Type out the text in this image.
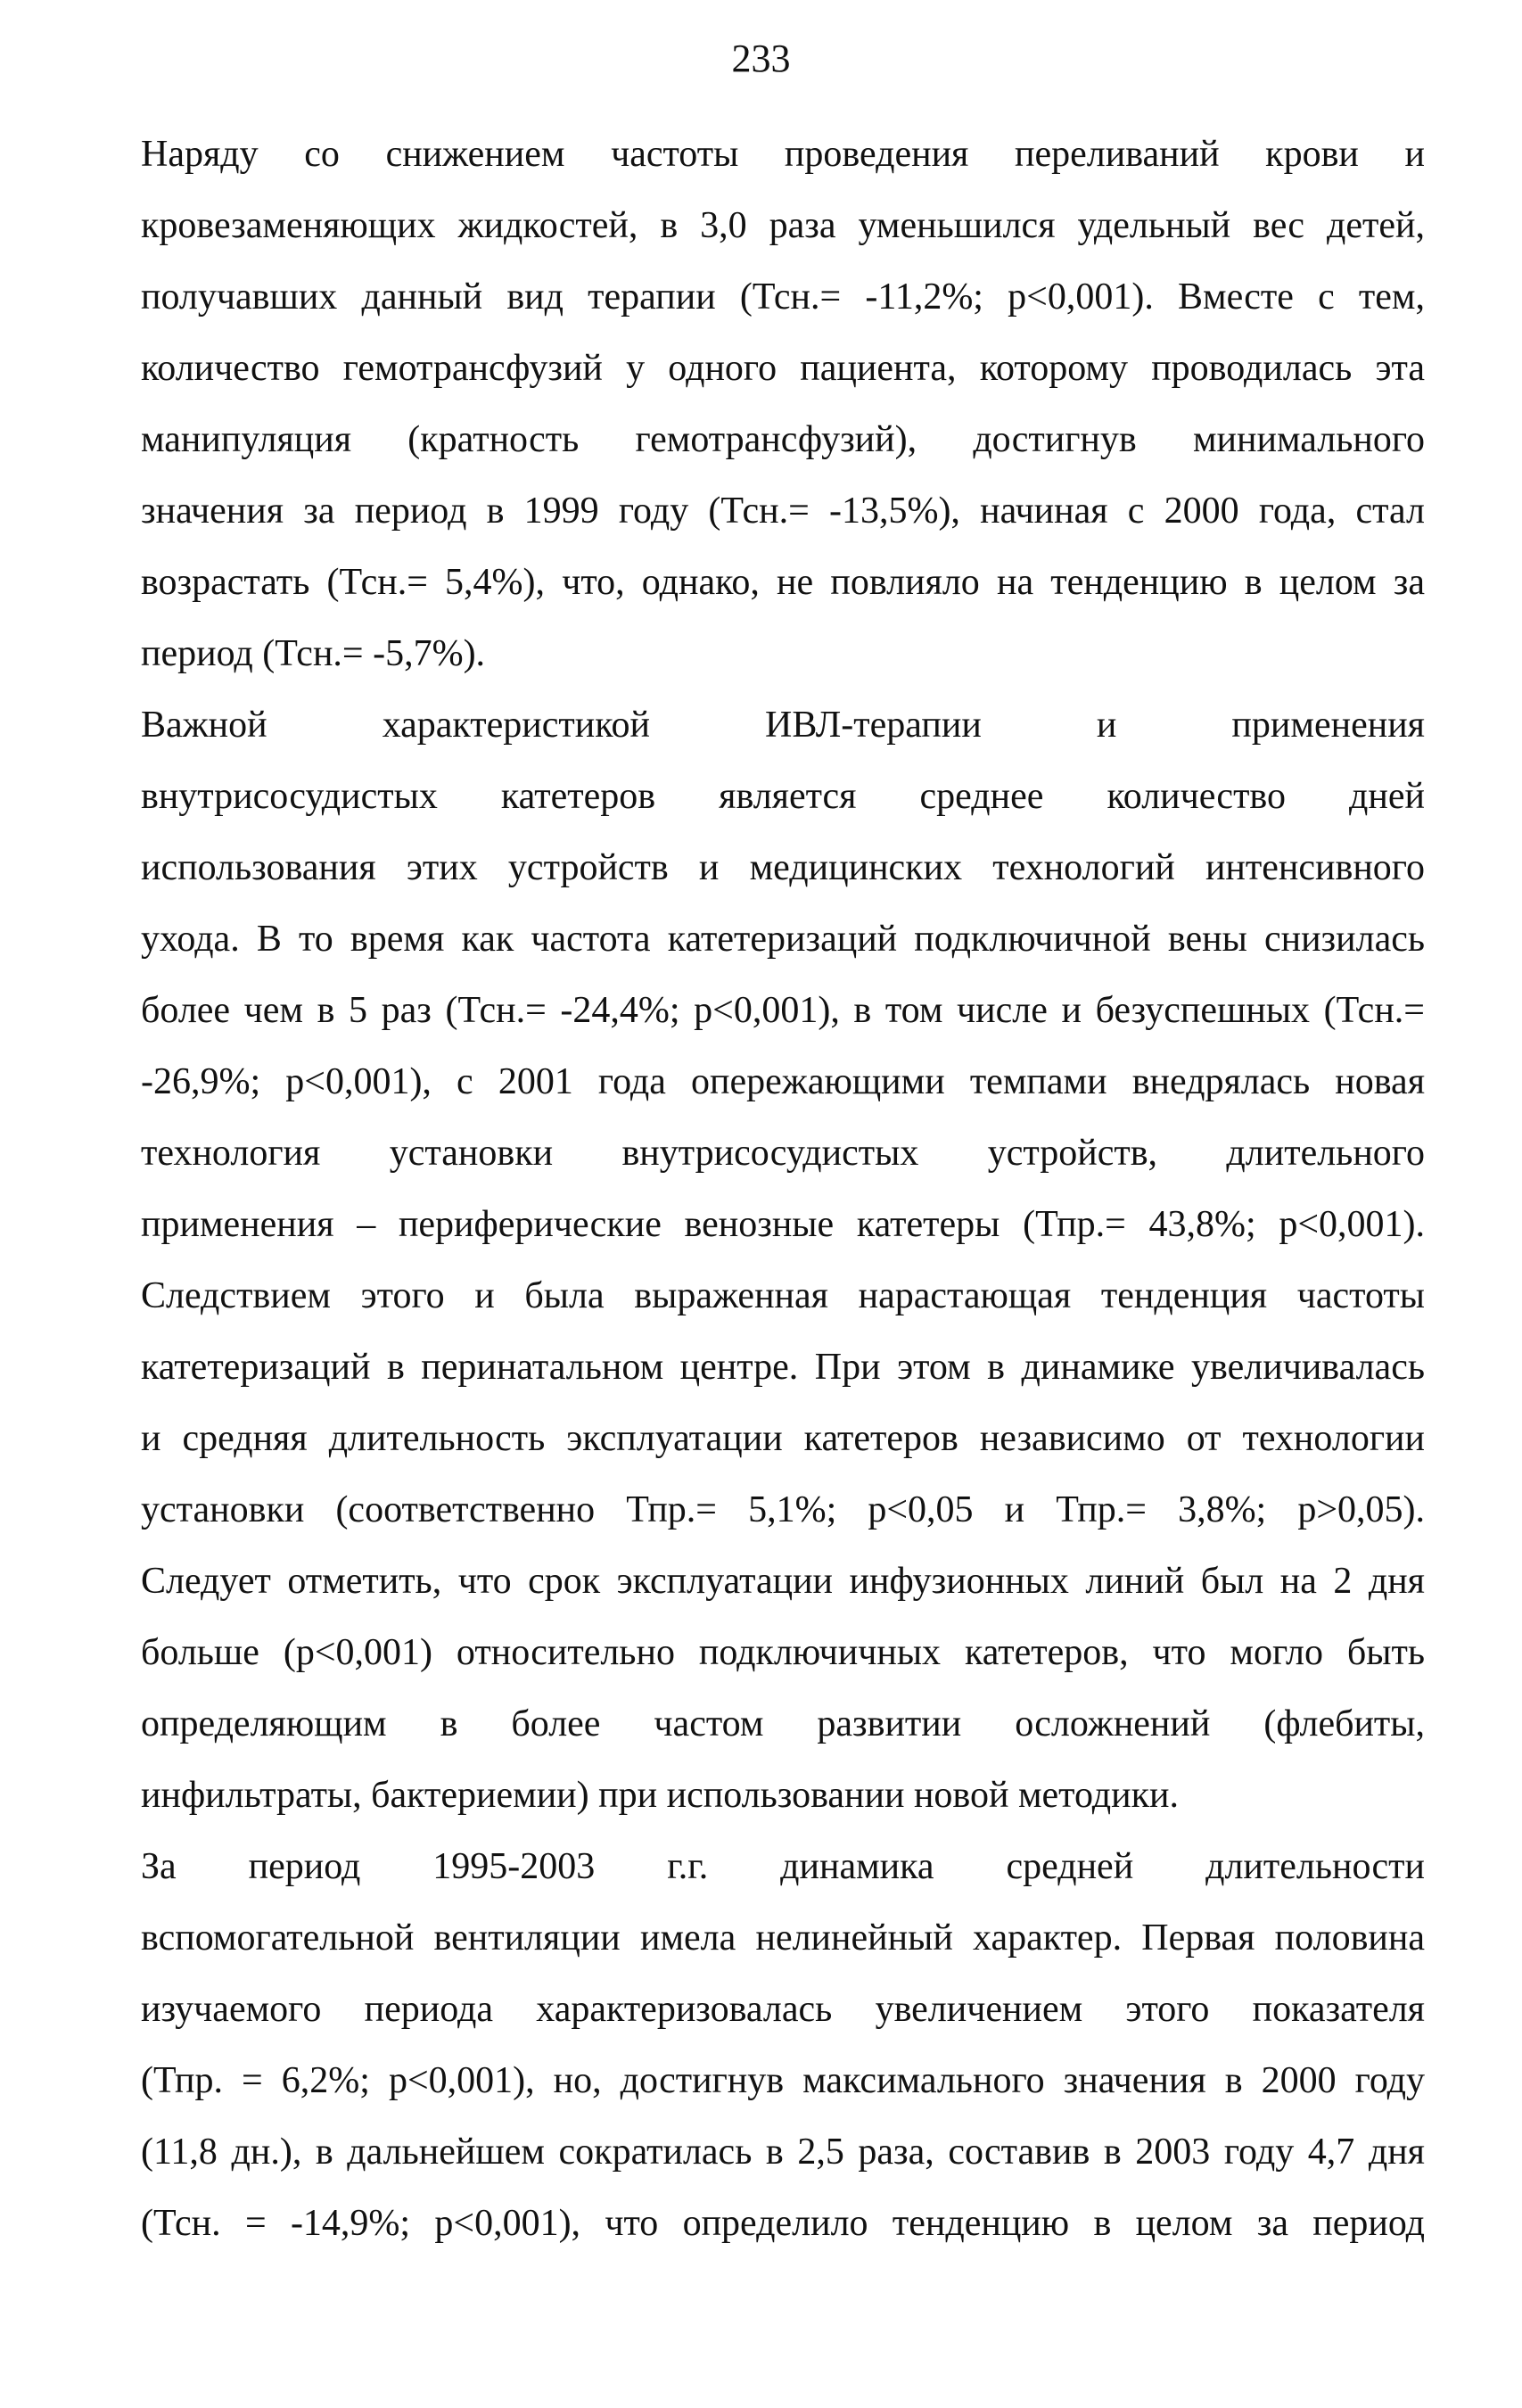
233
Наряду со снижением частоты проведения переливаний крови и
кровезаменяющих жидкостей, в 3,0 раза уменьшился удельный вес детей,
получавших данный вид терапии (Тсн.= -11,2%; p<0,001). Вместе с тем,
количество гемотрансфузий у одного пациента, которому проводилась эта
манипуляция (кратность гемотрансфузий), достигнув минимального
значения за период в 1999 году (Тсн.= -13,5%), начиная с 2000 года, стал
возрастать (Тсн.= 5,4%), что, однако, не повлияло на тенденцию в целом за
период (Тсн.= -5,7%).
Важной характеристикой ИВЛ-терапии и применения
внутрисосудистых катетеров является среднее количество дней
использования этих устройств и медицинских технологий интенсивного
ухода. В то время как частота катетеризаций подключичной вены снизилась
более чем в 5 раз (Тсн.= -24,4%; p<0,001), в том числе и безуспешных (Тсн.=
-26,9%; p<0,001), с 2001 года опережающими темпами внедрялась новая
технология установки внутрисосудистых устройств, длительного
применения – периферические венозные катетеры (Тпр.= 43,8%; p<0,001).
Следствием этого и была выраженная нарастающая тенденция частоты
катетеризаций в перинатальном центре. При этом в динамике увеличивалась
и средняя длительность эксплуатации катетеров независимо от технологии
установки (соответственно Тпр.= 5,1%; p<0,05 и Тпр.= 3,8%; p>0,05).
Следует отметить, что срок эксплуатации инфузионных линий был на 2 дня
больше (p<0,001) относительно подключичных катетеров, что могло быть
определяющим в более частом развитии осложнений (флебиты,
инфильтраты, бактериемии) при использовании новой методики.
За период 1995-2003 г.г. динамика средней длительности
вспомогательной вентиляции имела нелинейный характер. Первая половина
изучаемого периода характеризовалась увеличением этого показателя
(Тпр. = 6,2%; p<0,001), но, достигнув максимального значения в 2000 году
(11,8 дн.), в дальнейшем сократилась в 2,5 раза, составив в 2003 году 4,7 дня
(Тсн. = -14,9%; p<0,001), что определило тенденцию в целом за период
